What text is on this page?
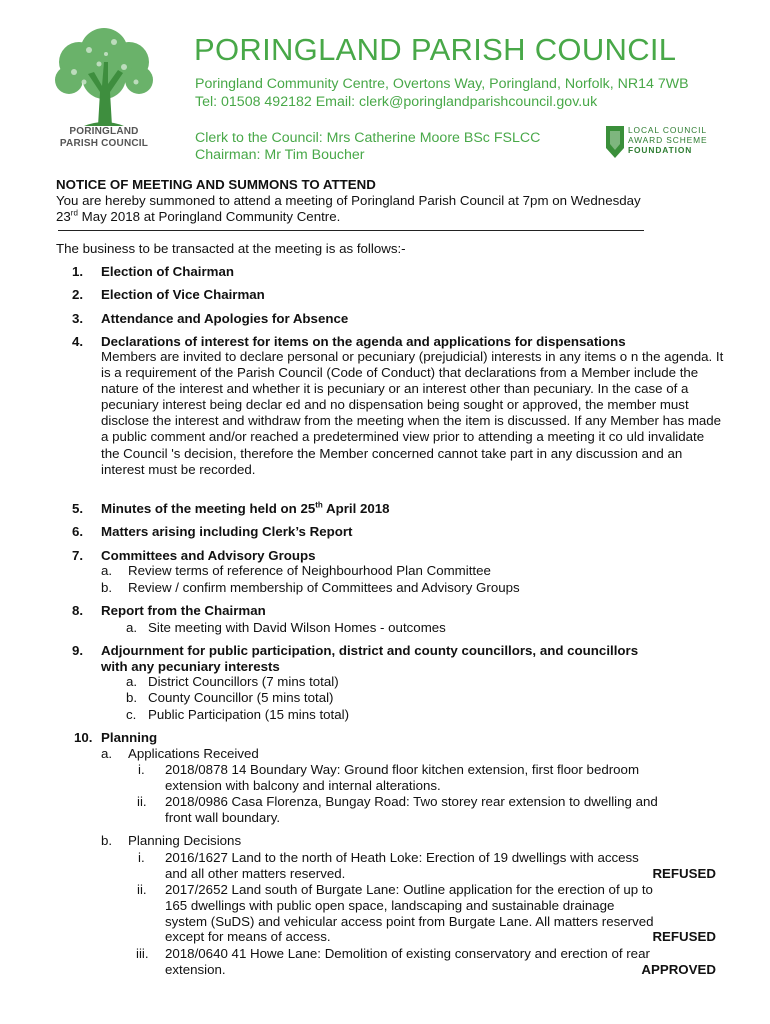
PORINGLAND
PARISH COUNCIL
PORINGLAND PARISH COUNCIL
Poringland Community Centre, Overtons Way, Poringland, Norfolk, NR14 7WB
Tel: 01508 492182 Email: clerk@poringlandparishcouncil.gov.uk
Clerk to the Council: Mrs Catherine Moore BSc FSLCC
Chairman: Mr Tim Boucher
LOCAL COUNCIL
AWARD SCHEME
FOUNDATION
NOTICE OF MEETING AND SUMMONS TO ATTEND
You are hereby summoned to attend a meeting of Poringland Parish Council at 7pm on Wednesday
23rd May 2018 at Poringland Community Centre.
The business to be transacted at the meeting is as follows:-
1. Election of Chairman
2. Election of Vice Chairman
3. Attendance and Apologies for Absence
4. Declarations of interest for items on the agenda and applications for dispensations
Members are invited to declare personal or pecuniary (prejudicial) interests in any items o n the agenda. It is a requirement of the Parish Council (Code of Conduct) that declarations from a Member include the nature of the interest and whether it is pecuniary or an interest other than pecuniary. In the case of a pecuniary interest being declar ed and no dispensation being sought or approved, the member must disclose the interest and withdraw from the meeting when the item is discussed. If any Member has made a public comment and/or reached a predetermined view prior to attending a meeting it co uld invalidate the Council 's decision, therefore the Member concerned cannot take part in any discussion and an interest must be recorded.
5. Minutes of the meeting held on 25th April 2018
6. Matters arising including Clerk’s Report
7. Committees and Advisory Groups
a. Review terms of reference of Neighbourhood Plan Committee
b. Review / confirm membership of Committees and Advisory Groups
8. Report from the Chairman
a. Site meeting with David Wilson Homes - outcomes
9. Adjournment for public participation, district and county councillors, and councillors
with any pecuniary interests
a. District Councillors (7 mins total)
b. County Councillor (5 mins total)
c. Public Participation (15 mins total)
10. Planning
a. Applications Received
i. 2018/0878 14 Boundary Way: Ground floor kitchen extension, first floor bedroom
extension with balcony and internal alterations.
ii. 2018/0986 Casa Florenza, Bungay Road: Two storey rear extension to dwelling and
front wall boundary.
b. Planning Decisions
i. 2016/1627 Land to the north of Heath Loke: Erection of 19 dwellings with access
and all other matters reserved.	REFUSED
ii. 2017/2652 Land south of Burgate Lane: Outline application for the erection of up to
165 dwellings with public open space, landscaping and sustainable drainage
system (SuDS) and vehicular access point from Burgate Lane. All matters reserved
except for means of access.	REFUSED
iii. 2018/0640 41 Howe Lane: Demolition of existing conservatory and erection of rear
extension.	APPROVED
